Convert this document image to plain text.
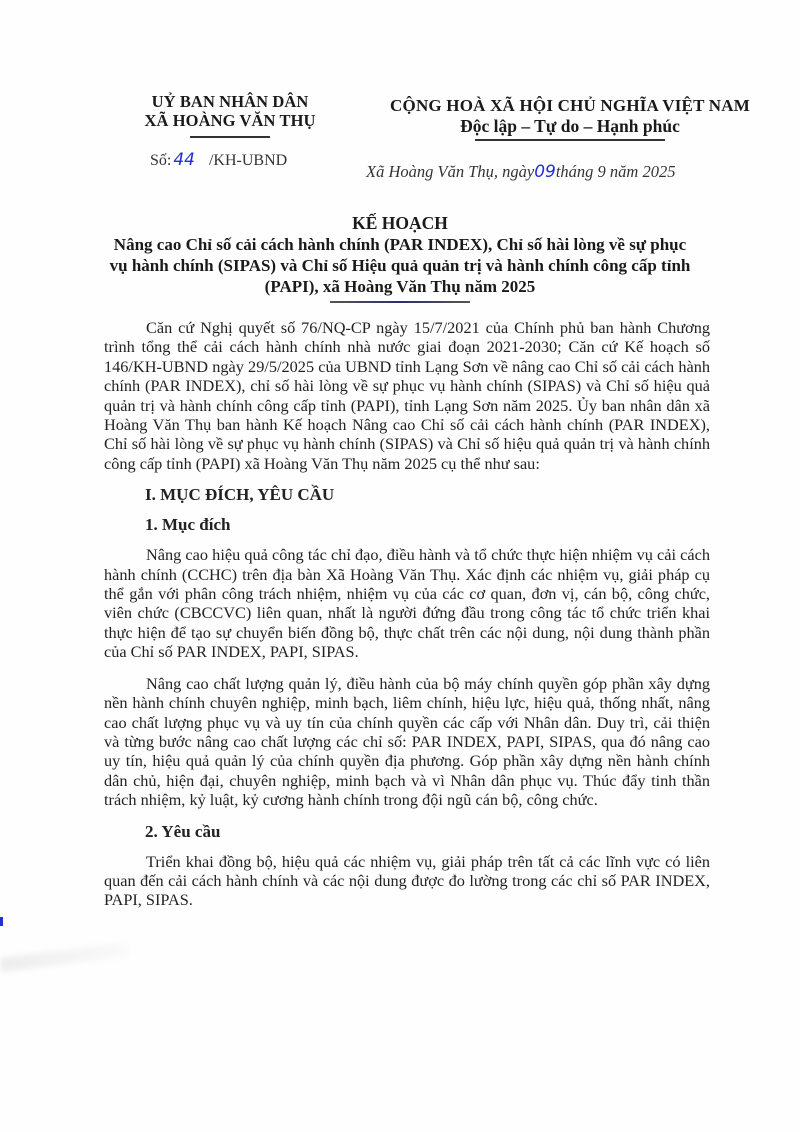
UỶ BAN NHÂN DÂN
XÃ HOÀNG VĂN THỤ
CỘNG HOÀ XÃ HỘI CHỦ NGHĨA VIỆT NAM
Độc lập – Tự do – Hạnh phúc
Số: 44 /KH-UBND
Xã Hoàng Văn Thụ, ngày09tháng 9 năm 2025
KẾ HOẠCH
Nâng cao Chỉ số cải cách hành chính (PAR INDEX), Chỉ số hài lòng về sự phục vụ hành chính (SIPAS) và Chỉ số Hiệu quả quản trị và hành chính công cấp tỉnh (PAPI), xã Hoàng Văn Thụ năm 2025

Căn cứ Nghị quyết số 76/NQ-CP ngày 15/7/2021 của Chính phủ ban hành Chương trình tổng thể cải cách hành chính nhà nước giai đoạn 2021-2030; Căn cứ Kế hoạch số 146/KH-UBND ngày 29/5/2025 của UBND tỉnh Lạng Sơn về nâng cao Chỉ số cải cách hành chính (PAR INDEX), chỉ số hài lòng về sự phục vụ hành chính (SIPAS) và Chỉ số hiệu quả quản trị và hành chính công cấp tỉnh (PAPI), tỉnh Lạng Sơn năm 2025. Ủy ban nhân dân xã Hoàng Văn Thụ ban hành Kế hoạch Nâng cao Chỉ số cải cách hành chính (PAR INDEX), Chỉ số hài lòng về sự phục vụ hành chính (SIPAS) và Chỉ số hiệu quả quản trị và hành chính công cấp tỉnh (PAPI) xã Hoàng Văn Thụ năm 2025 cụ thể như sau:

I. MỤC ĐÍCH, YÊU CẦU
1. Mục đích

Nâng cao hiệu quả công tác chỉ đạo, điều hành và tổ chức thực hiện nhiệm vụ cải cách hành chính (CCHC) trên địa bàn Xã Hoàng Văn Thụ. Xác định các nhiệm vụ, giải pháp cụ thể gắn với phân công trách nhiệm, nhiệm vụ của các cơ quan, đơn vị, cán bộ, công chức, viên chức (CBCCVC) liên quan, nhất là người đứng đầu trong công tác tổ chức triển khai thực hiện để tạo sự chuyển biến đồng bộ, thực chất trên các nội dung, nội dung thành phần của Chỉ số PAR INDEX, PAPI, SIPAS.

Nâng cao chất lượng quản lý, điều hành của bộ máy chính quyền góp phần xây dựng nền hành chính chuyên nghiệp, minh bạch, liêm chính, hiệu lực, hiệu quả, thống nhất, nâng cao chất lượng phục vụ và uy tín của chính quyền các cấp với Nhân dân. Duy trì, cải thiện và từng bước nâng cao chất lượng các chỉ số: PAR INDEX, PAPI, SIPAS, qua đó nâng cao uy tín, hiệu quả quản lý của chính quyền địa phương. Góp phần xây dựng nền hành chính dân chủ, hiện đại, chuyên nghiệp, minh bạch và vì Nhân dân phục vụ. Thúc đẩy tinh thần trách nhiệm, kỷ luật, kỷ cương hành chính trong đội ngũ cán bộ, công chức.

2. Yêu cầu

Triển khai đồng bộ, hiệu quả các nhiệm vụ, giải pháp trên tất cả các lĩnh vực có liên quan đến cải cách hành chính và các nội dung được đo lường trong các chỉ số PAR INDEX, PAPI, SIPAS.
